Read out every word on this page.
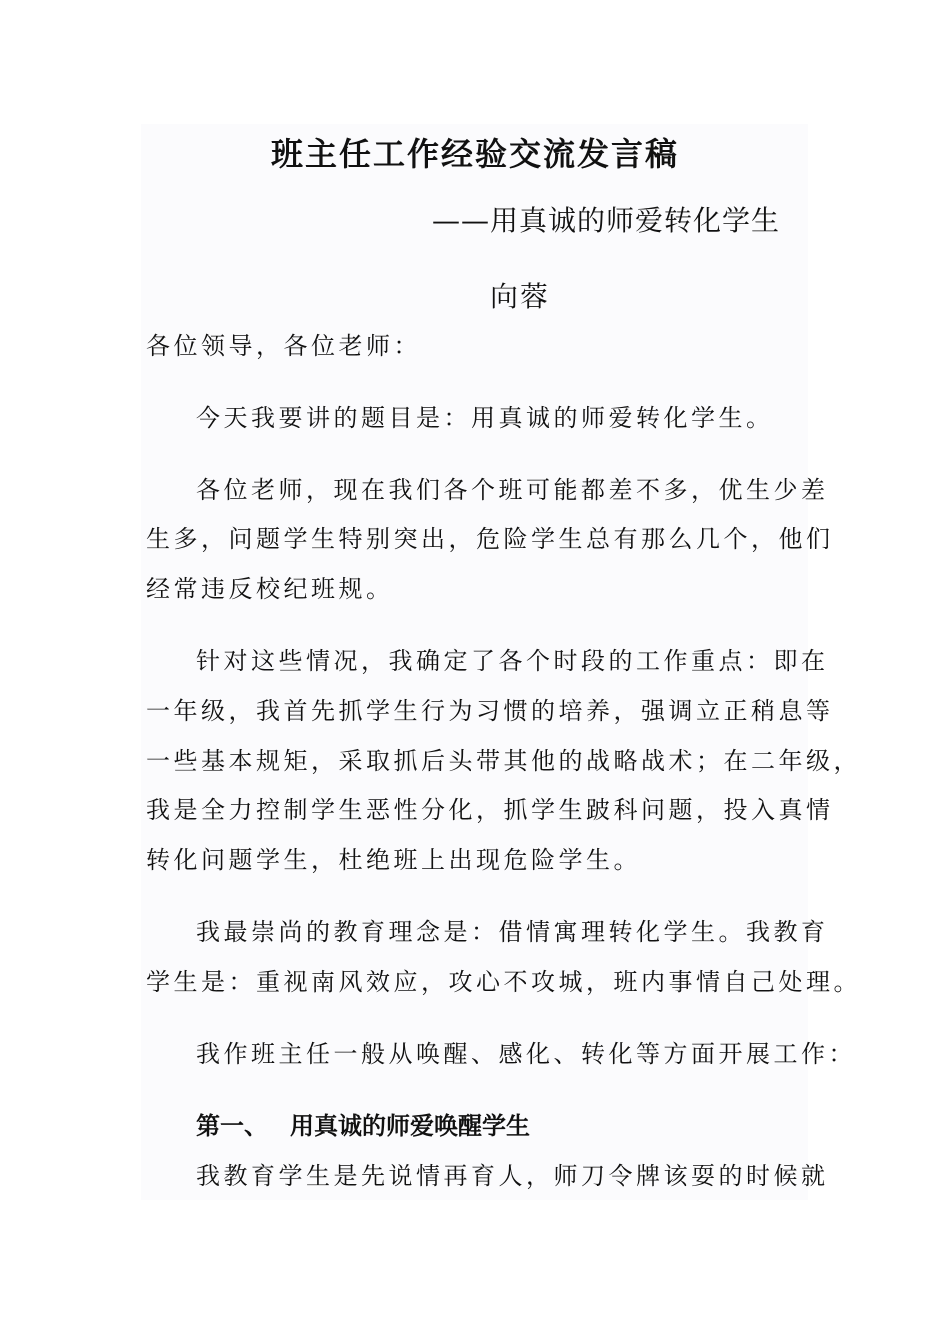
班主任工作经验交流发言稿
——用真诚的师爱转化学生
向蓉
各位领导，各位老师：
今天我要讲的题目是：用真诚的师爱转化学生。
各位老师，现在我们各个班可能都差不多，优生少差
生多，问题学生特别突出，危险学生总有那么几个，他们
经常违反校纪班规。
针对这些情况，我确定了各个时段的工作重点：即在
一年级，我首先抓学生行为习惯的培养，强调立正稍息等
一些基本规矩，采取抓后头带其他的战略战术；在二年级，
我是全力控制学生恶性分化，抓学生跛科问题，投入真情
转化问题学生，杜绝班上出现危险学生。
我最崇尚的教育理念是：借情寓理转化学生。我教育
学生是：重视南风效应，攻心不攻城，班内事情自己处理。
我作班主任一般从唤醒、感化、转化等方面开展工作：
第一、 用真诚的师爱唤醒学生
我教育学生是先说情再育人，师刀令牌该耍的时候就
